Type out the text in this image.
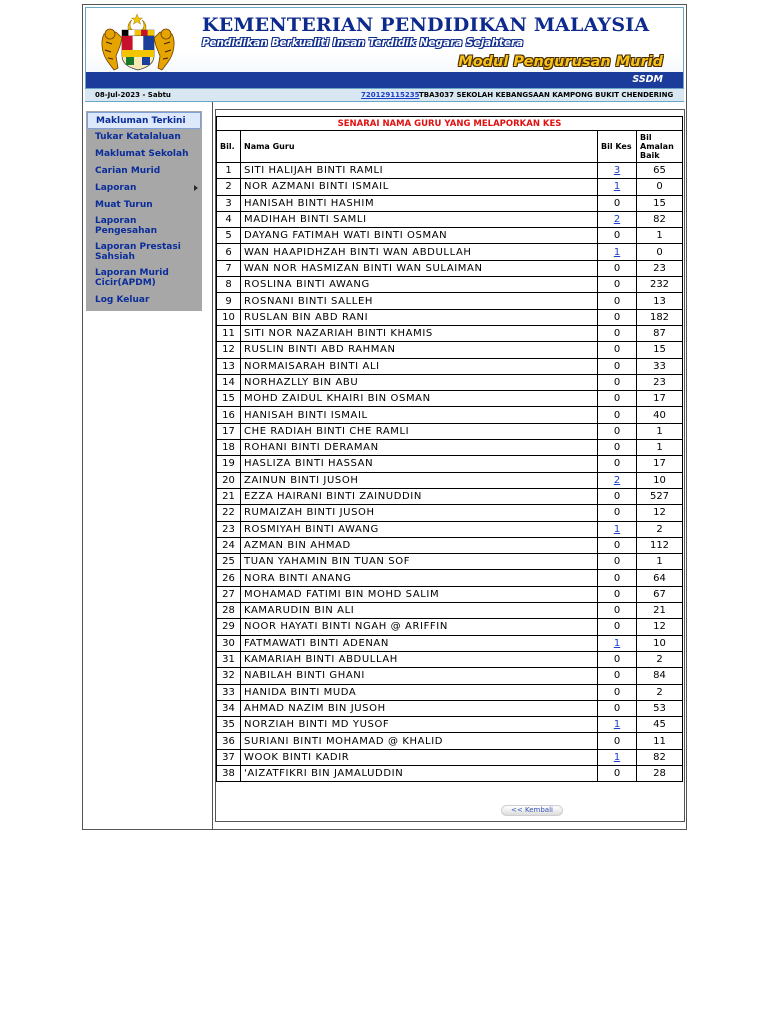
KEMENTERIAN PENDIDIKAN MALAYSIA
Pendidikan Berkualiti Insan Terdidik Negara Sejahtera
Modul Pengurusan Murid
SSDM
08-Jul-2023 - Sabtu	720129115235 TBA3037 SEKOLAH KEBANGSAAN KAMPONG BUKIT CHENDERING
Makluman Terkini
Tukar Katalaluan
Maklumat Sekolah
Carian Murid
Laporan
Muat Turun
Laporan Pengesahan
Laporan Prestasi Sahsiah
Laporan Murid Cicir(APDM)
Log Keluar
SENARAI NAMA GURU YANG MELAPORKAN KES			
Bil.	Nama Guru	Bil Kes	Bil Amalan Baik
1	SITI HALIJAH BINTI RAMLI	3	65
2	NOR AZMANI BINTI ISMAIL	1	0
3	HANISAH BINTI HASHIM	0	15
4	MADIHAH BINTI SAMLI	2	82
5	DAYANG FATIMAH WATI BINTI OSMAN	0	1
6	WAN HAAPIDHZAH BINTI WAN ABDULLAH	1	0
7	WAN NOR HASMIZAN BINTI WAN SULAIMAN	0	23
8	ROSLINA BINTI AWANG	0	232
9	ROSNANI BINTI SALLEH	0	13
10	RUSLAN BIN ABD RANI	0	182
11	SITI NOR NAZARIAH BINTI KHAMIS	0	87
12	RUSLIN BINTI ABD RAHMAN	0	15
13	NORMAISARAH BINTI ALI	0	33
14	NORHAZLLY BIN ABU	0	23
15	MOHD ZAIDUL KHAIRI BIN OSMAN	0	17
16	HANISAH BINTI ISMAIL	0	40
17	CHE RADIAH BINTI CHE RAMLI	0	1
18	ROHANI BINTI DERAMAN	0	1
19	HASLIZA BINTI HASSAN	0	17
20	ZAINUN BINTI JUSOH	2	10
21	EZZA HAIRANI BINTI ZAINUDDIN	0	527
22	RUMAIZAH BINTI JUSOH	0	12
23	ROSMIYAH BINTI AWANG	1	2
24	AZMAN BIN AHMAD	0	112
25	TUAN YAHAMIN BIN TUAN SOF	0	1
26	NORA BINTI ANANG	0	64
27	MOHAMAD FATIMI BIN MOHD SALIM	0	67
28	KAMARUDIN BIN ALI	0	21
29	NOOR HAYATI BINTI NGAH @ ARIFFIN	0	12
30	FATMAWATI BINTI ADENAN	1	10
31	KAMARIAH BINTI ABDULLAH	0	2
32	NABILAH BINTI GHANI	0	84
33	HANIDA BINTI MUDA	0	2
34	AHMAD NAZIM BIN JUSOH	0	53
35	NORZIAH BINTI MD YUSOF	1	45
36	SURIANI BINTI MOHAMAD @ KHALID	0	11
37	WOOK BINTI KADIR	1	82
38	'AIZATFIKRI BIN JAMALUDDIN	0	28
<< Kembali
